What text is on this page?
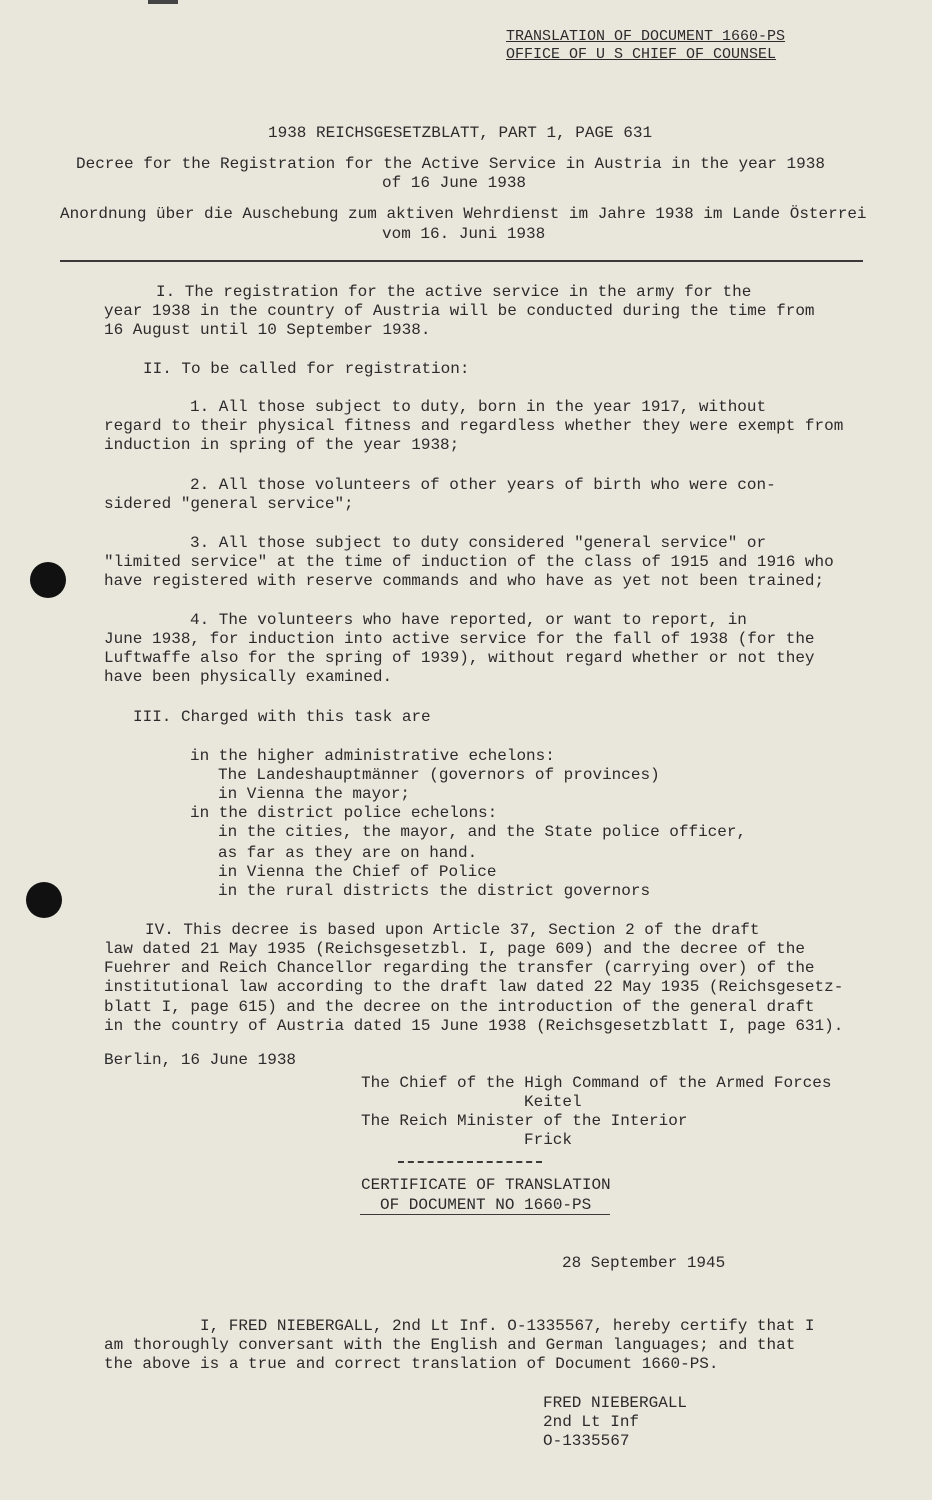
TRANSLATION OF DOCUMENT 1660-PS
OFFICE OF U S CHIEF OF COUNSEL
1938 REICHSGESETZBLATT, PART 1, PAGE 631
Decree for the Registration for the Active Service in Austria in the year 1938
of 16 June 1938
Anordnung über die Auschebung zum aktiven Wehrdienst im Jahre 1938 im Lande Österrei
vom 16. Juni 1938
I. The registration for the active service in the army for the
year 1938 in the country of Austria will be conducted during the time from
16 August until 10 September 1938.
II. To be called for registration:
1. All those subject to duty, born in the year 1917, without
regard to their physical fitness and regardless whether they were exempt from
induction in spring of the year 1938;
2. All those volunteers of other years of birth who were con-
sidered "general service";
3. All those subject to duty considered "general service" or
"limited service" at the time of induction of the class of 1915 and 1916 who
have registered with reserve commands and who have as yet not been trained;
4. The volunteers who have reported, or want to report, in
June 1938, for induction into active service for the fall of 1938 (for the
Luftwaffe also for the spring of 1939), without regard whether or not they
have been physically examined.
III. Charged with this task are
in the higher administrative echelons:
The Landeshauptmänner (governors of provinces)
in Vienna the mayor;
in the district police echelons:
in the cities, the mayor, and the State police officer,
as far as they are on hand.
in Vienna the Chief of Police
in the rural districts the district governors
IV. This decree is based upon Article 37, Section 2 of the draft
law dated 21 May 1935 (Reichsgesetzbl. I, page 609) and the decree of the
Fuehrer and Reich Chancellor regarding the transfer (carrying over) of the
institutional law according to the draft law dated 22 May 1935 (Reichsgesetz-
blatt I, page 615) and the decree on the introduction of the general draft
in the country of Austria dated 15 June 1938 (Reichsgesetzblatt I, page 631).
Berlin, 16 June 1938
The Chief of the High Command of the Armed Forces
Keitel
The Reich Minister of the Interior
Frick
CERTIFICATE OF TRANSLATION
OF DOCUMENT NO 1660-PS
28 September 1945
I, FRED NIEBERGALL, 2nd Lt Inf. O-1335567, hereby certify that I
am thoroughly conversant with the English and German languages; and that
the above is a true and correct translation of Document 1660-PS.
FRED NIEBERGALL
2nd Lt Inf
O-1335567
